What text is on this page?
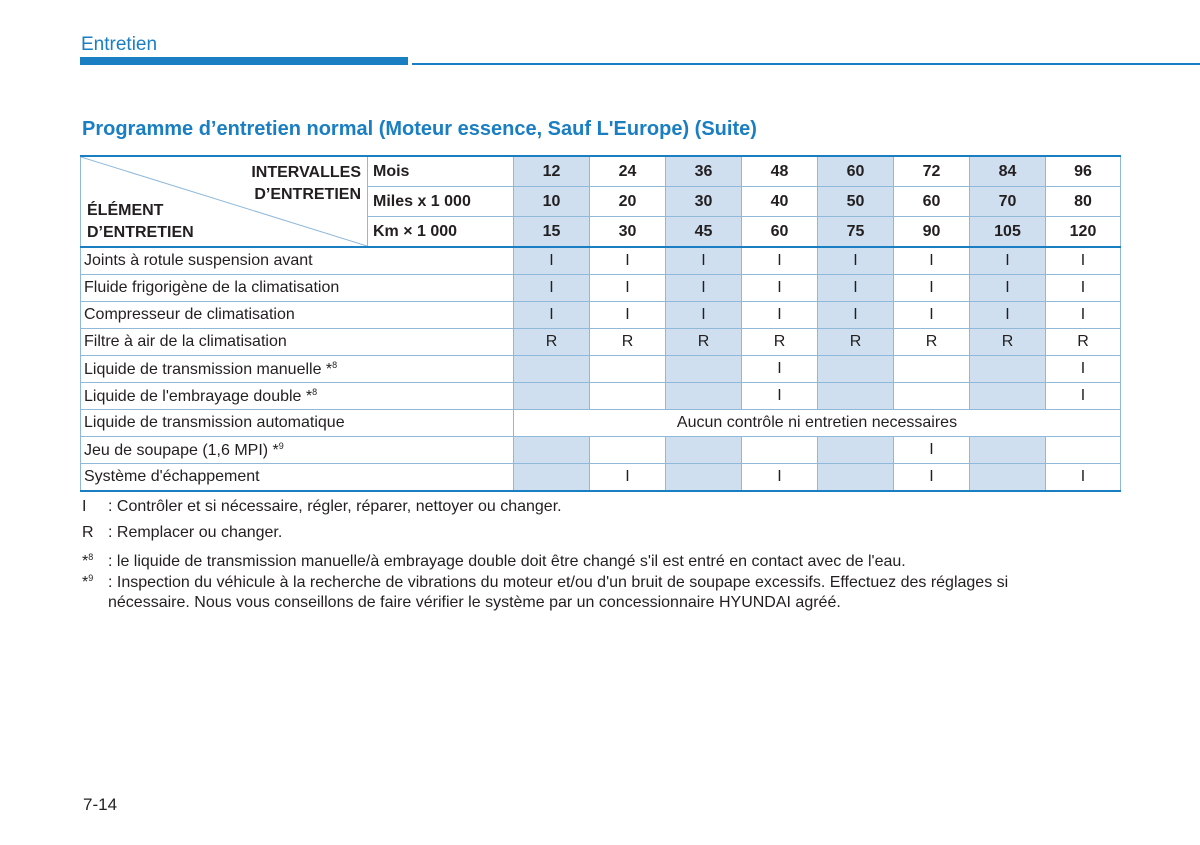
Entretien
Programme d’entretien normal (Moteur essence, Sauf L'Europe) (Suite)
INTERVALLES
D’ENTRETIEN
ÉLÉMENT
D’ENTRETIEN	Mois	12	24	36	48	60	72	84	96
	Miles x 1 000	10	20	30	40	50	60	70	80
	Km × 1 000	15	30	45	60	75	90	105	120
Joints à rotule suspension avant		I	I	I	I	I	I	I	I
Fluide frigorigène de la climatisation		I	I	I	I	I	I	I	I
Compresseur de climatisation		I	I	I	I	I	I	I	I
Filtre à air de la climatisation		R	R	R	R	R	R	R	R
Liquide de transmission manuelle *$^8$					I				I
Liquide de l'embrayage double *$^8$					I				I
Liquide de transmission automatique		Aucun contrôle ni entretien necessaires							
Jeu de soupape (1,6 MPI) *$^9$							I		
Système d'échappement			I		I		I		I
I : Contrôler et si nécessaire, régler, réparer, nettoyer ou changer.
R : Remplacer ou changer.
*$^8$ : le liquide de transmission manuelle/à embrayage double doit être changé s'il est entré en contact avec de l'eau.
*$^9$ : Inspection du véhicule à la recherche de vibrations du moteur et/ou d'un bruit de soupape excessifs. Effectuez des réglages si
nécessaire. Nous vous conseillons de faire vérifier le système par un concessionnaire HYUNDAI agréé.
7-14
